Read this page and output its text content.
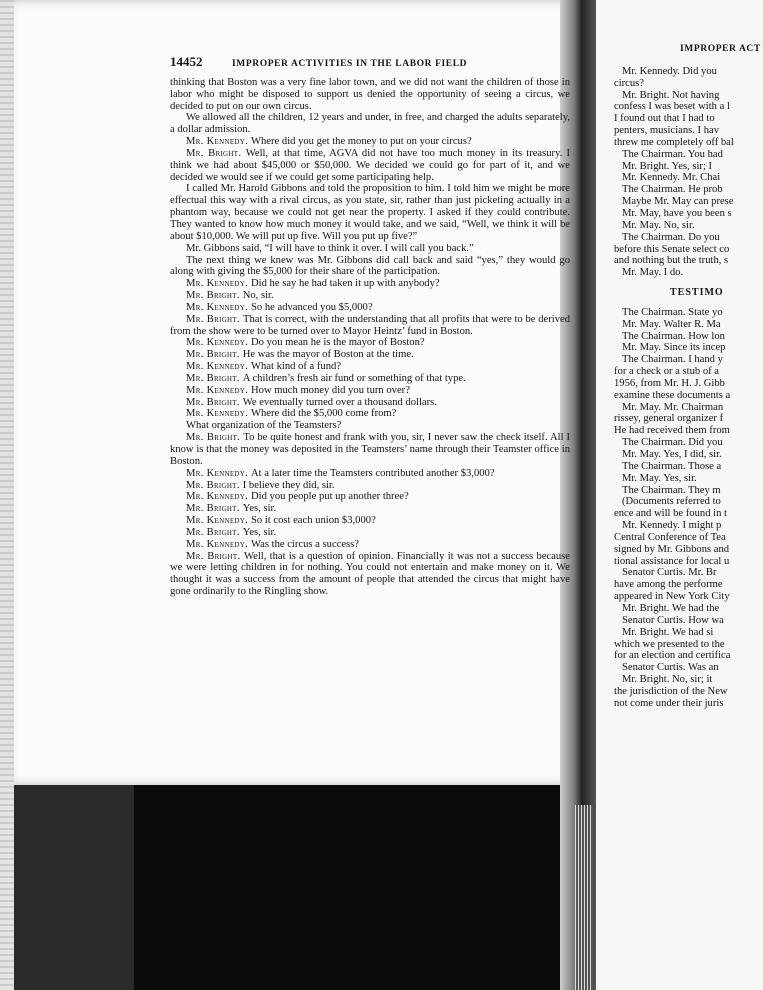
14452	IMPROPER ACTIVITIES IN THE LABOR FIELD

thinking that Boston was a very fine labor town, and we did not want the children of those in labor who might be disposed to support us denied the opportunity of seeing a circus, we decided to put on our own circus.

We allowed all the children, 12 years and under, in free, and charged the adults separately, a dollar admission.

Mr. Kennedy. Where did you get the money to put on your circus?

Mr. Bright. Well, at that time, AGVA did not have too much money in its treasury. I think we had about $45,000 or $50,000. We decided we could go for part of it, and we decided we would see if we could get some participating help.

I called Mr. Harold Gibbons and told the proposition to him. I told him we might be more effectual this way with a rival circus, as you state, sir, rather than just picketing actually in a phantom way, because we could not get near the property. I asked if they could contribute. They wanted to know how much money it would take, and we said, “Well, we think it will be about $10,000. We will put up five. Will you put up five?”

Mr. Gibbons said, “I will have to think it over. I will call you back.”

The next thing we knew was Mr. Gibbons did call back and said “yes,” they would go along with giving the $5,000 for their share of the participation.

Mr. Kennedy. Did he say he had taken it up with anybody?

Mr. Bright. No, sir.

Mr. Kennedy. So he advanced you $5,000?

Mr. Bright. That is correct, with the understanding that all profits that were to be derived from the show were to be turned over to Mayor Heintz’ fund in Boston.

Mr. Kennedy. Do you mean he is the mayor of Boston?

Mr. Bright. He was the mayor of Boston at the time.

Mr. Kennedy. What kind of a fund?

Mr. Bright. A children’s fresh air fund or something of that type.

Mr. Kennedy. How much money did you turn over?

Mr. Bright. We eventually turned over a thousand dollars.

Mr. Kennedy. Where did the $5,000 come from?

What organization of the Teamsters?

Mr. Bright. To be quite honest and frank with you, sir, I never saw the check itself. All I know is that the money was deposited in the Teamsters’ name through their Teamster office in Boston.

Mr. Kennedy. At a later time the Teamsters contributed another $3,000?

Mr. Bright. I believe they did, sir.

Mr. Kennedy. Did you people put up another three?

Mr. Bright. Yes, sir.

Mr. Kennedy. So it cost each union $3,000?

Mr. Bright. Yes, sir.

Mr. Kennedy. Was the circus a success?

Mr. Bright. Well, that is a question of opinion. Financially it was not a success because we were letting children in for nothing. You could not entertain and make money on it. We thought it was a success from the amount of people that attended the circus that might have gone ordinarily to the Ringling show.

IMPROPER ACT
Mr. Kennedy. Did you
circus?
Mr. Bright. Not having
confess I was beset with a l
I found out that I had to
penters, musicians. I hav
threw me completely off bal
The Chairman. You had
Mr. Bright. Yes, sir; I
Mr. Kennedy. Mr. Chai
The Chairman. He prob
Maybe Mr. May can prese
Mr. May, have you been s
Mr. May. No, sir.
The Chairman. Do you
before this Senate select co
and nothing but the truth, s
Mr. May. I do.
TESTIMO
The Chairman. State yo
Mr. May. Walter R. Ma
The Chairman. How lon
Mr. May. Since its incep
The Chairman. I hand y
for a check or a stub of a
1956, from Mr. H. J. Gibb
examine these documents a
Mr. May. Mr. Chairman
rissey, general organizer f
He had received them from
The Chairman. Did you
Mr. May. Yes, I did, sir.
The Chairman. Those a
Mr. May. Yes, sir.
The Chairman. They m
(Documents referred to
ence and will be found in t
Mr. Kennedy. I might p
Central Conference of Tea
signed by Mr. Gibbons and
tional assistance for local u
Senator Curtis. Mr. Br
have among the performe
appeared in New York City
Mr. Bright. We had the
Senator Curtis. How wa
Mr. Bright. We had si
which we presented to the
for an election and certifica
Senator Curtis. Was an
Mr. Bright. No, sir; it
the jurisdiction of the New
not come under their juris
